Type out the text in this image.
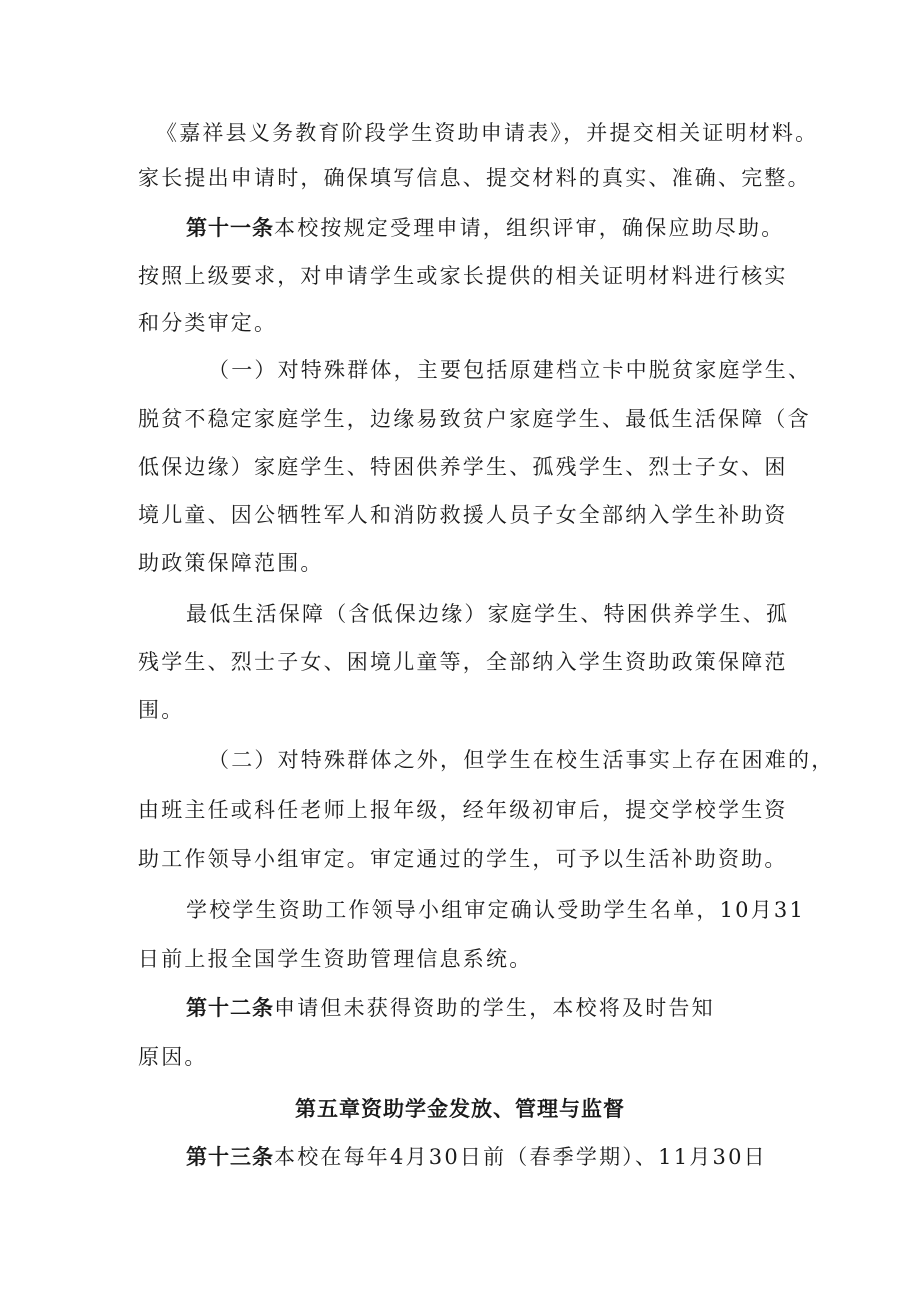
《嘉祥县义务教育阶段学生资助申请表》，并提交相关证明材料。
家长提出申请时，确保填写信息、提交材料的真实、准确、完整。
第十一条本校按规定受理申请，组织评审，确保应助尽助。
按照上级要求，对申请学生或家长提供的相关证明材料进行核实
和分类审定。
（一）对特殊群体，主要包括原建档立卡中脱贫家庭学生、
脱贫不稳定家庭学生，边缘易致贫户家庭学生、最低生活保障（含
低保边缘）家庭学生、特困供养学生、孤残学生、烈士子女、困
境儿童、因公牺牲军人和消防救援人员子女全部纳入学生补助资
助政策保障范围。
最低生活保障（含低保边缘）家庭学生、特困供养学生、孤
残学生、烈士子女、困境儿童等，全部纳入学生资助政策保障范
围。
（二）对特殊群体之外，但学生在校生活事实上存在困难的，
由班主任或科任老师上报年级，经年级初审后，提交学校学生资
助工作领导小组审定。审定通过的学生，可予以生活补助资助。
学校学生资助工作领导小组审定确认受助学生名单，10月31
日前上报全国学生资助管理信息系统。
第十二条申请但未获得资助的学生，本校将及时告知
原因。
第五章资助学金发放、管理与监督
第十三条本校在每年4月30日前（春季学期）、11月30日
